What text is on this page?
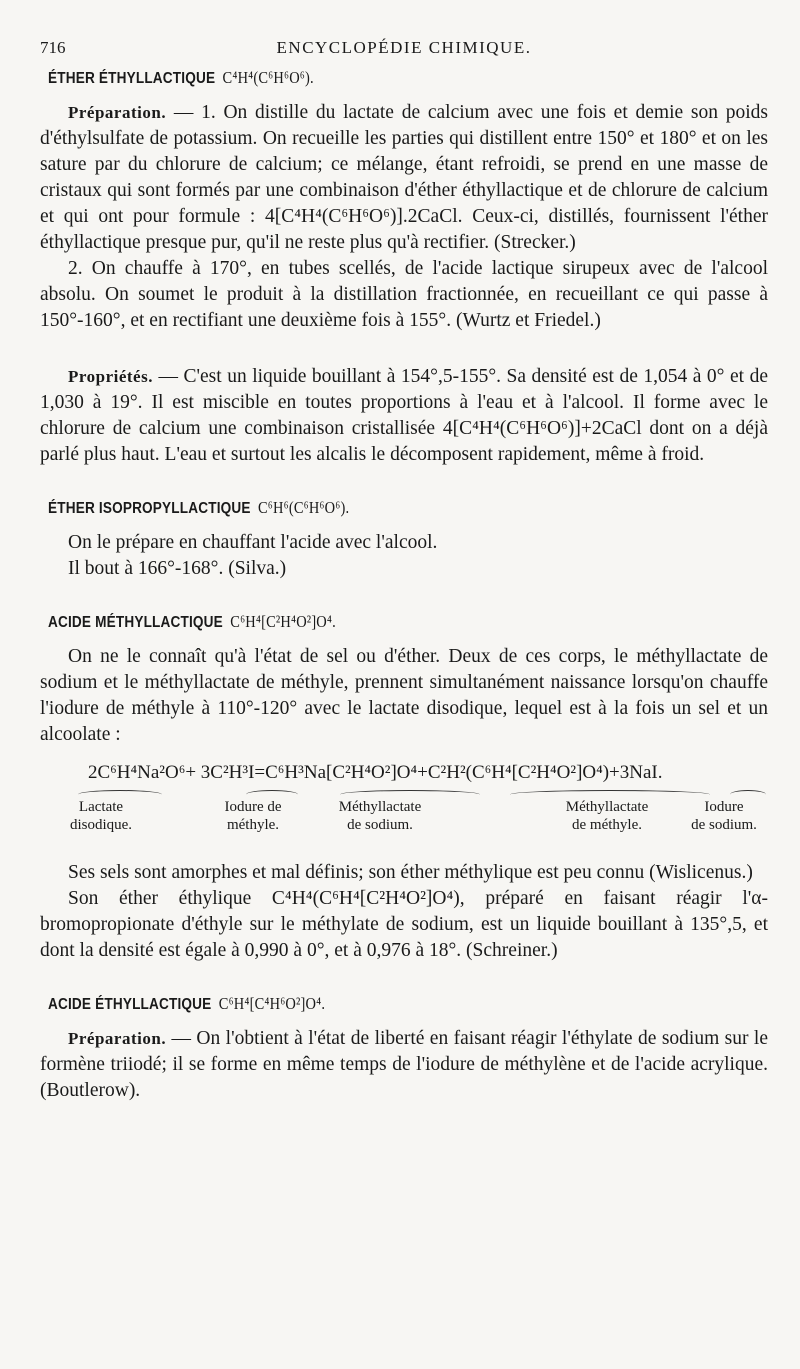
716	ENCYCLOPÉDIE CHIMIQUE.
ÉTHER ÉTHYLLACTIQUE C⁴H⁴(C⁶H⁶O⁶).

Préparation. — 1. On distille du lactate de calcium avec une fois et demie son poids d'éthylsulfate de potassium. On recueille les parties qui distillent entre 150° et 180° et on les sature par du chlorure de calcium; ce mélange, étant refroidi, se prend en une masse de cristaux qui sont formés par une combinaison d'éther éthyllactique et de chlorure de calcium et qui ont pour formule : 4[C⁴H⁴(C⁶H⁶O⁶)].2CaCl. Ceux-ci, distillés, fournissent l'éther éthyllactique presque pur, qu'il ne reste plus qu'à rectifier. (Strecker.)

2. On chauffe à 170°, en tubes scellés, de l'acide lactique sirupeux avec de l'alcool absolu. On soumet le produit à la distillation fractionnée, en recueillant ce qui passe à 150°-160°, et en rectifiant une deuxième fois à 155°. (Wurtz et Friedel.)

Propriétés. — C'est un liquide bouillant à 154°,5-155°. Sa densité est de 1,054 à 0° et de 1,030 à 19°. Il est miscible en toutes proportions à l'eau et à l'alcool. Il forme avec le chlorure de calcium une combinaison cristallisée 4[C⁴H⁴(C⁶H⁶O⁶)]+2CaCl dont on a déjà parlé plus haut. L'eau et surtout les alcalis le décomposent rapidement, même à froid.

ÉTHER ISOPROPYLLACTIQUE C⁶H⁶(C⁶H⁶O⁶).

On le prépare en chauffant l'acide avec l'alcool.

Il bout à 166°-168°. (Silva.)

ACIDE MÉTHYLLACTIQUE C⁶H⁴[C²H⁴O²]O⁴.

On ne le connaît qu'à l'état de sel ou d'éther. Deux de ces corps, le méthyllactate de sodium et le méthyllactate de méthyle, prennent simultanément naissance lorsqu'on chauffe l'iodure de méthyle à 110°-120° avec le lactate disodique, lequel est à la fois un sel et un alcoolate :

2C⁶H⁴Na²O⁶+ 3C²H³I=C⁶H³Na[C²H⁴O²]O⁴+C²H²(C⁶H⁴[C²H⁴O²]O⁴)+3NaI.
Lactate
disodique.
Iodure de
méthyle.
Méthyllactate
de sodium.
Méthyllactate
de méthyle.
Iodure
de sodium.

Ses sels sont amorphes et mal définis; son éther méthylique est peu connu (Wislicenus.)

Son éther éthylique C⁴H⁴(C⁶H⁴[C²H⁴O²]O⁴), préparé en faisant réagir l'α-bromopropionate d'éthyle sur le méthylate de sodium, est un liquide bouillant à 135°,5, et dont la densité est égale à 0,990 à 0°, et à 0,976 à 18°. (Schreiner.)

ACIDE ÉTHYLLACTIQUE C⁶H⁴[C⁴H⁶O²]O⁴.

Préparation. — On l'obtient à l'état de liberté en faisant réagir l'éthylate de sodium sur le formène triiodé; il se forme en même temps de l'iodure de méthylène et de l'acide acrylique. (Boutlerow).
